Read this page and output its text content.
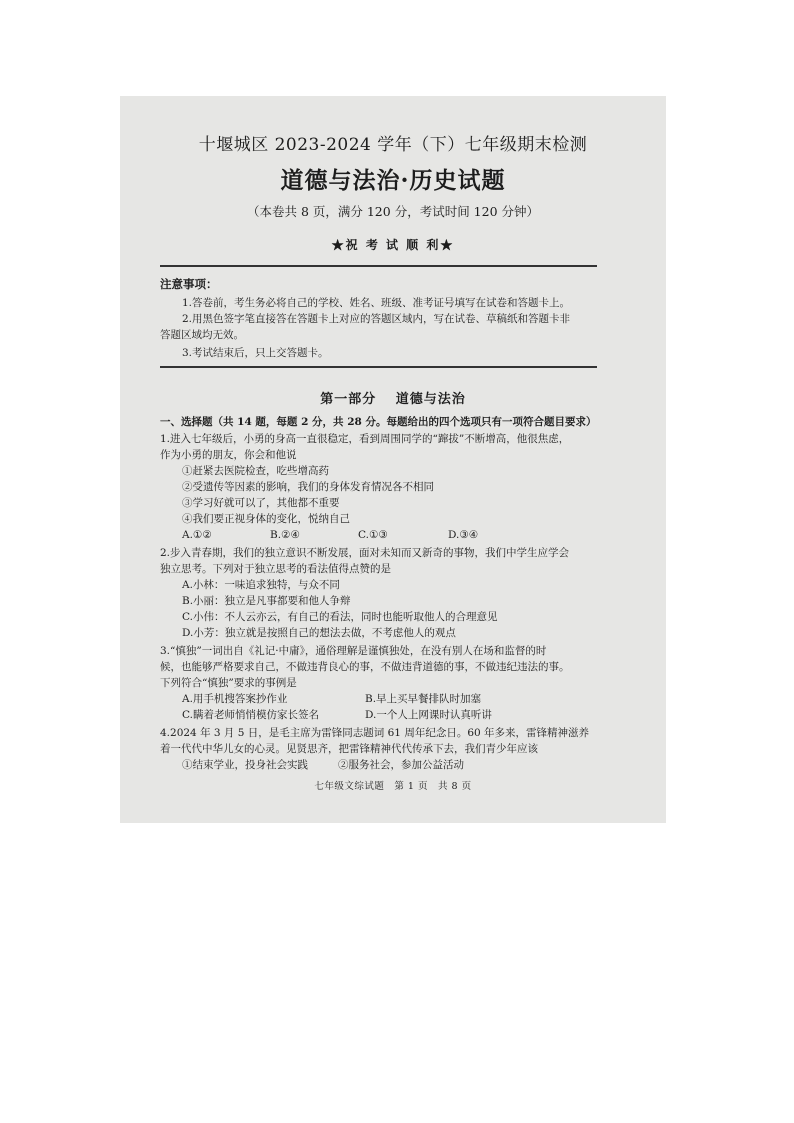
十堰城区 2023-2024 学年（下）七年级期末检测
道德与法治·历史试题
（本卷共 8 页，满分 120 分，考试时间 120 分钟）
★祝 考 试 顺 利★
注意事项：
1.答卷前，考生务必将自己的学校、姓名、班级、准考证号填写在试卷和答题卡上。
2.用黑色签字笔直接答在答题卡上对应的答题区域内，写在试卷、草稿纸和答题卡非
答题区域均无效。
3.考试结束后，只上交答题卡。
第一部分　 道德与法治
一、选择题（共 14 题，每题 2 分，共 28 分。每题给出的四个选项只有一项符合题目要求）
1.进入七年级后，小勇的身高一直很稳定，看到周围同学的“蹿拔”不断增高，他很焦虑，
作为小勇的朋友，你会和他说
①赶紧去医院检查，吃些增高药
②受遗传等因素的影响，我们的身体发育情况各不相同
③学习好就可以了，其他都不重要
④我们要正视身体的变化，悦纳自己
A.①②	B.②④	C.①③	D.③④
2.步入青春期，我们的独立意识不断发展，面对未知而又新奇的事物，我们中学生应学会
独立思考。下列对于独立思考的看法值得点赞的是
A.小林：一味追求独特，与众不同
B.小丽：独立是凡事都要和他人争辩
C.小伟：不人云亦云，有自己的看法，同时也能听取他人的合理意见
D.小芳：独立就是按照自己的想法去做，不考虑他人的观点
3.“慎独”一词出自《礼记·中庸》，通俗理解是谨慎独处，在没有别人在场和监督的时
候，也能够严格要求自己，不做违背良心的事，不做违背道德的事，不做违纪违法的事。
下列符合“慎独”要求的事例是
A.用手机搜答案抄作业	B.早上买早餐排队时加塞
C.瞒着老师悄悄模仿家长签名	D.一个人上网课时认真听讲
4.2024 年 3 月 5 日，是毛主席为雷锋同志题词 61 周年纪念日。60 年多来，雷锋精神滋养
着一代代中华儿女的心灵。见贤思齐，把雷锋精神代代传承下去，我们青少年应该
①结束学业，投身社会实践	②服务社会，参加公益活动
七年级文综试题　第 1 页　共 8 页
